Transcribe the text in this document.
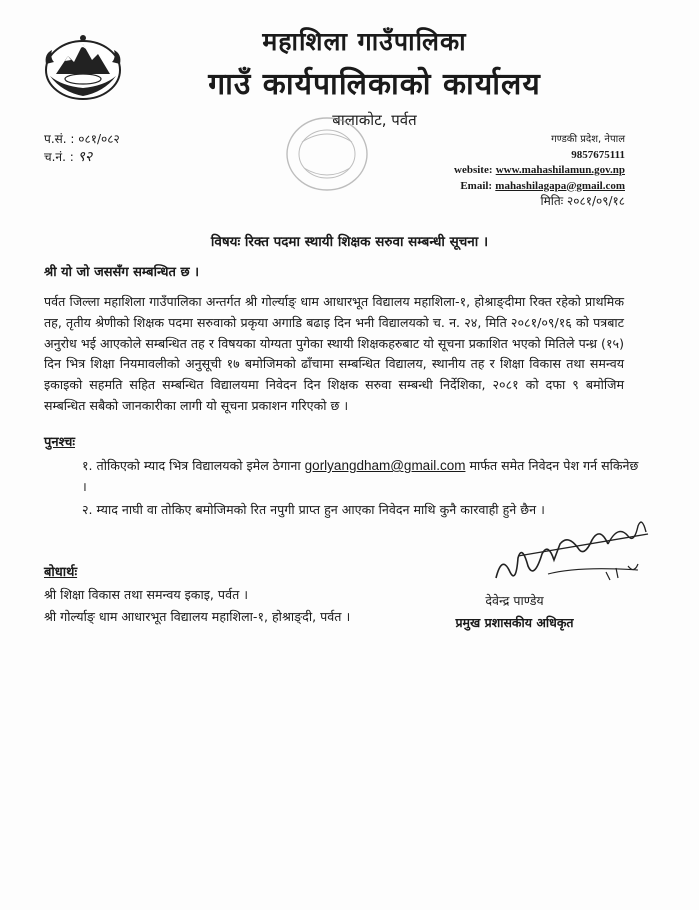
महाशिला गाउँपालिका
गाउँ कार्यपालिकाको कार्यालय
बालाकोट, पर्वत
प.सं. : ०८१/०८२
च.नं. : ९२
गण्डकी प्रदेश, नेपाल
9857675111
website: www.mahashilamun.gov.np
Email: mahashilagapa@gmail.com
मितिः २०८१/०९/१८
विषयः रिक्त पदमा स्थायी शिक्षक सरुवा सम्बन्धी सूचना ।
श्री यो जो जससँग सम्बन्धित छ ।
पर्वत जिल्ला महाशिला गाउँपालिका अन्तर्गत श्री गोर्ल्याङ् धाम आधारभूत विद्यालय महाशिला-१, होश्राङ्दीमा रिक्त रहेको प्राथमिक तह, तृतीय श्रेणीको शिक्षक पदमा सरुवाको प्रकृया अगाडि बढाइ दिन भनी विद्यालयको च. न. २४, मिति २०८१/०९/१६ को पत्रबाट अनुरोध भई आएकोले सम्बन्धित तह र विषयका योग्यता पुगेका स्थायी शिक्षकहरुबाट यो सूचना प्रकाशित भएको मितिले पन्ध्र (१५) दिन भित्र शिक्षा नियमावलीको अनुसूची १७ बमोजिमको ढाँचामा सम्बन्धित विद्यालय, स्थानीय तह र शिक्षा विकास तथा समन्वय इकाइको सहमति सहित सम्बन्धित विद्यालयमा निवेदन दिन शिक्षक सरुवा सम्बन्धी निर्देशिका, २०८१ को दफा ९ बमोजिम सम्बन्धित सबैको जानकारीका लागी यो सूचना प्रकाशन गरिएको छ ।
पुनश्चः
१. तोकिएको म्याद भित्र विद्यालयको इमेल ठेगाना gorlyangdham@gmail.com मार्फत समेत निवेदन पेश गर्न सकिनेछ ।
२. म्याद नाघी वा तोकिए बमोजिमको रित नपुगी प्राप्त हुन आएका निवेदन माथि कुनै कारवाही हुने छैन ।
बोधार्थः
श्री शिक्षा विकास तथा समन्वय इकाइ, पर्वत ।
श्री गोर्ल्याङ् धाम आधारभूत विद्यालय महाशिला-१, होश्राङ्दी, पर्वत ।
देवेन्द्र पाण्डेय
प्रमुख प्रशासकीय अधिकृत
